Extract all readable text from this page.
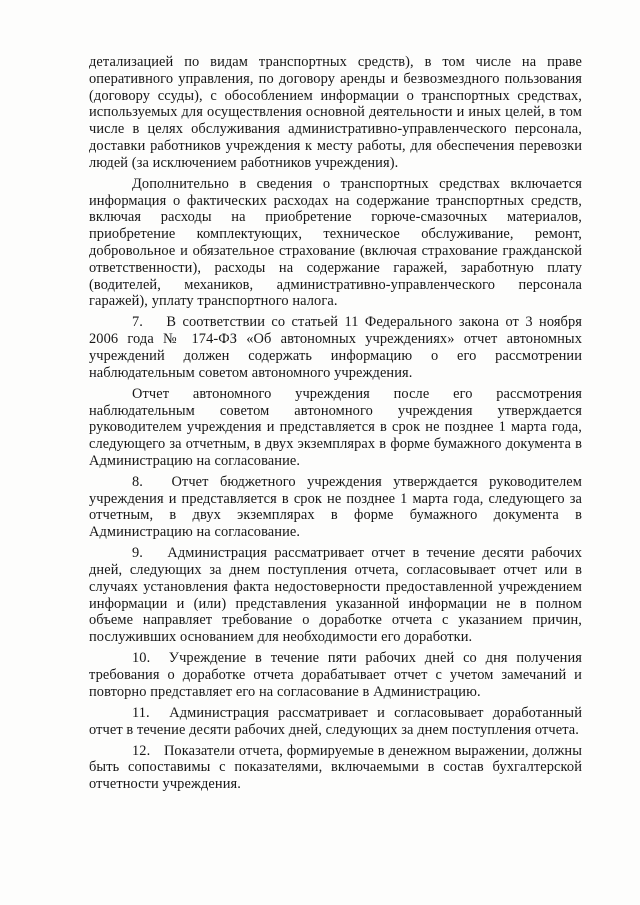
детализацией по видам транспортных средств), в том числе на праве оперативного управления, по договору аренды и безвозмездного пользования (договору ссуды), с обособлением информации о транспортных средствах, используемых для осуществления основной деятельности и иных целей, в том числе в целях обслуживания административно-управленческого персонала, доставки работников учреждения к месту работы, для обеспечения перевозки людей (за исключением работников учреждения).

Дополнительно в сведения о транспортных средствах включается информация о фактических расходах на содержание транспортных средств, включая расходы на приобретение горюче-смазочных материалов, приобретение комплектующих, техническое обслуживание, ремонт, добровольное и обязательное страхование (включая страхование гражданской ответственности), расходы на содержание гаражей, заработную плату (водителей, механиков, административно-управленческого персонала гаражей), уплату транспортного налога.

7. В соответствии со статьей 11 Федерального закона от 3 ноября 2006 года № 174-ФЗ «Об автономных учреждениях» отчет автономных учреждений должен содержать информацию о его рассмотрении наблюдательным советом автономного учреждения.

Отчет автономного учреждения после его рассмотрения наблюдательным советом автономного учреждения утверждается руководителем учреждения и представляется в срок не позднее 1 марта года, следующего за отчетным, в двух экземплярах в форме бумажного документа в Администрацию на согласование.

8. Отчет бюджетного учреждения утверждается руководителем учреждения и представляется в срок не позднее 1 марта года, следующего за отчетным, в двух экземплярах в форме бумажного документа в Администрацию на согласование.

9. Администрация рассматривает отчет в течение десяти рабочих дней, следующих за днем поступления отчета, согласовывает отчет или в случаях установления факта недостоверности предоставленной учреждением информации и (или) представления указанной информации не в полном объеме направляет требование о доработке отчета с указанием причин, послуживших основанием для необходимости его доработки.

10. Учреждение в течение пяти рабочих дней со дня получения требования о доработке отчета дорабатывает отчет с учетом замечаний и повторно представляет его на согласование в Администрацию.

11. Администрация рассматривает и согласовывает доработанный отчет в течение десяти рабочих дней, следующих за днем поступления отчета.

12. Показатели отчета, формируемые в денежном выражении, должны быть сопоставимы с показателями, включаемыми в состав бухгалтерской отчетности учреждения.
